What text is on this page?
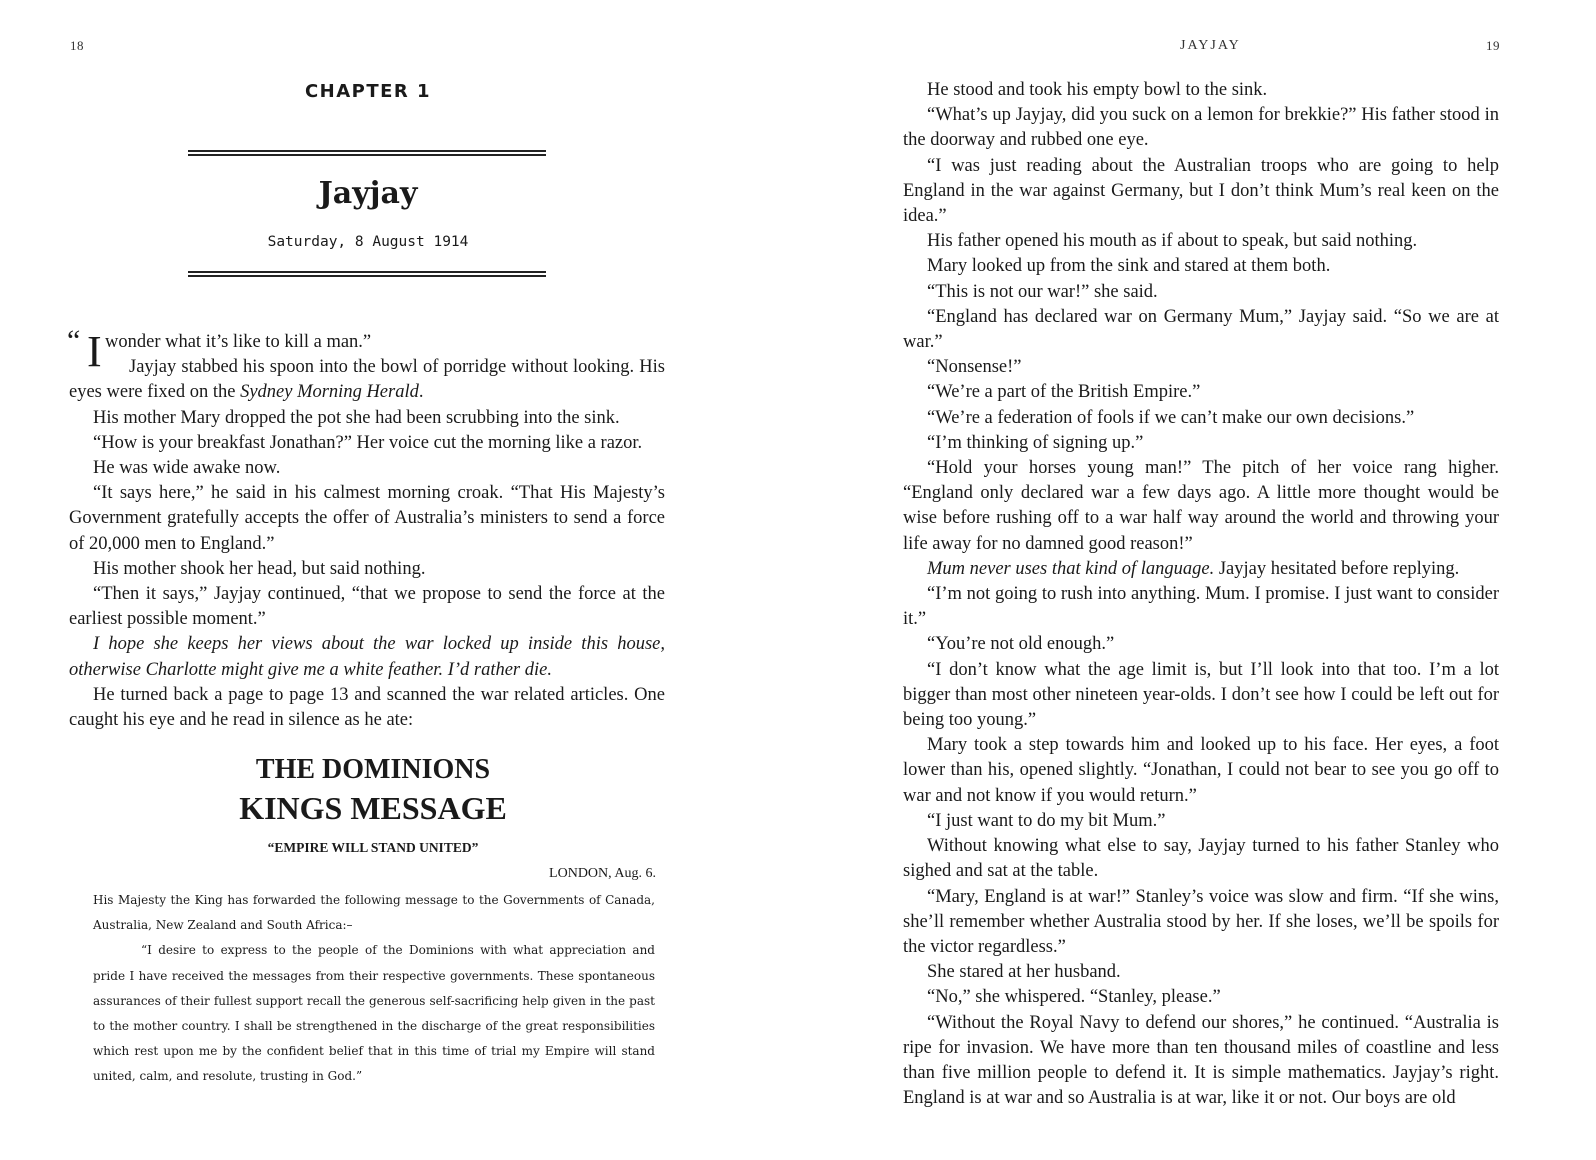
18
CHAPTER 1
Jayjay
Saturday, 8 August 1914
“ I wonder what it’s like to kill a man.”

Jayjay stabbed his spoon into the bowl of porridge without looking. His eyes were fixed on the Sydney Morning Herald.

His mother Mary dropped the pot she had been scrubbing into the sink.

“How is your breakfast Jonathan?” Her voice cut the morning like a razor.

He was wide awake now.

“It says here,” he said in his calmest morning croak. “That His Majesty’s Government gratefully accepts the offer of Australia’s ministers to send a force of 20,000 men to England.”

His mother shook her head, but said nothing.

“Then it says,” Jayjay continued, “that we propose to send the force at the earliest possible moment.”

I hope she keeps her views about the war locked up inside this house, otherwise Charlotte might give me a white feather. I’d rather die.

He turned back a page to page 13 and scanned the war related articles. One caught his eye and he read in silence as he ate:

THE DOMINIONS
KINGS MESSAGE
“EMPIRE WILL STAND UNITED”
LONDON, Aug. 6.

His Majesty the King has forwarded the following message to the Governments of Canada, Australia, New Zealand and South Africa:–

“I desire to express to the people of the Dominions with what appreciation and pride I have received the messages from their respective governments. These spontaneous assurances of their fullest support recall the generous self-sacrificing help given in the past to the mother country. I shall be strengthened in the discharge of the great responsibilities which rest upon me by the confident belief that in this time of trial my Empire will stand united, calm, and resolute, trusting in God.”

JAYJAY	19

He stood and took his empty bowl to the sink.

“What’s up Jayjay, did you suck on a lemon for brekkie?” His father stood in the doorway and rubbed one eye.

“I was just reading about the Australian troops who are going to help England in the war against Germany, but I don’t think Mum’s real keen on the idea.”

His father opened his mouth as if about to speak, but said nothing.

Mary looked up from the sink and stared at them both.

“This is not our war!” she said.

“England has declared war on Germany Mum,” Jayjay said. “So we are at war.”

“Nonsense!”

“We’re a part of the British Empire.”

“We’re a federation of fools if we can’t make our own decisions.”

“I’m thinking of signing up.”

“Hold your horses young man!” The pitch of her voice rang higher. “England only declared war a few days ago. A little more thought would be wise before rushing off to a war half way around the world and throwing your life away for no damned good reason!”

Mum never uses that kind of language. Jayjay hesitated before replying.

“I’m not going to rush into anything. Mum. I promise. I just want to consider it.”

“You’re not old enough.”

“I don’t know what the age limit is, but I’ll look into that too. I’m a lot bigger than most other nineteen year-olds. I don’t see how I could be left out for being too young.”

Mary took a step towards him and looked up to his face. Her eyes, a foot lower than his, opened slightly. “Jonathan, I could not bear to see you go off to war and not know if you would return.”

“I just want to do my bit Mum.”

Without knowing what else to say, Jayjay turned to his father Stanley who sighed and sat at the table.

“Mary, England is at war!” Stanley’s voice was slow and firm. “If she wins, she’ll remember whether Australia stood by her. If she loses, we’ll be spoils for the victor regardless.”

She stared at her husband.

“No,” she whispered. “Stanley, please.”

“Without the Royal Navy to defend our shores,” he continued. “Australia is ripe for invasion. We have more than ten thousand miles of coastline and less than five million people to defend it. It is simple mathematics. Jayjay’s right. England is at war and so Australia is at war, like it or not. Our boys are old
